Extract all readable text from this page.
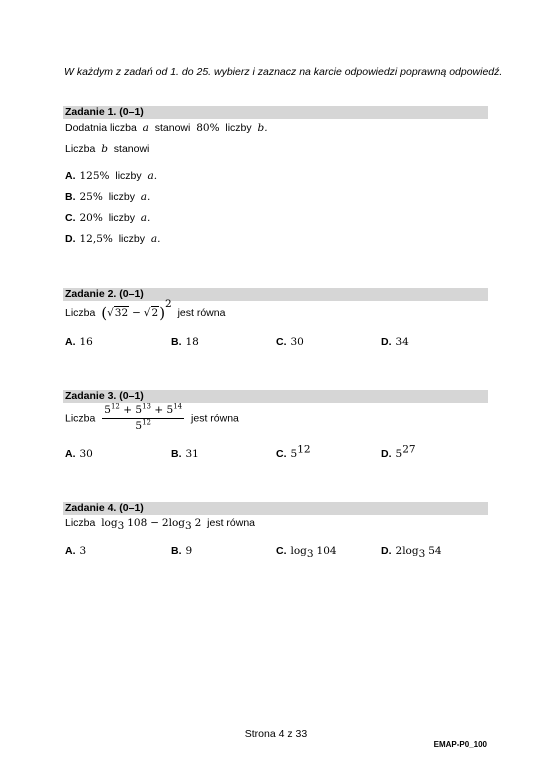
W każdym z zadań od 1. do 25. wybierz i zaznacz na karcie odpowiedzi poprawną odpowiedź.
Zadanie 1. (0–1)
Dodatnia liczba a stanowi 80% liczby b.
Liczba b stanowi
A. 125% liczby a.
B. 25% liczby a.
C. 20% liczby a.
D. 12,5% liczby a.
Zadanie 2. (0–1)
Liczba $(√32 - √2)^2$  jest równa
A. 16	B. 18	C. 30	D. 34
Zadanie 3. (0–1)
Liczba $\frac{5^{12} + 5^{13} + 5^{14}}{5^{12}}$ jest równa
A. 30	B. 31	C. $5^{12}$	D. $5^{27}$
Zadanie 4. (0–1)
Liczba $\log_3 108 - 2\log_3$ 2 jest równa
A. 3	B. 9	C. $\log_3 104$	D. $2\log_3$ 54
Strona 4 z 33
EMAP-P0_100
